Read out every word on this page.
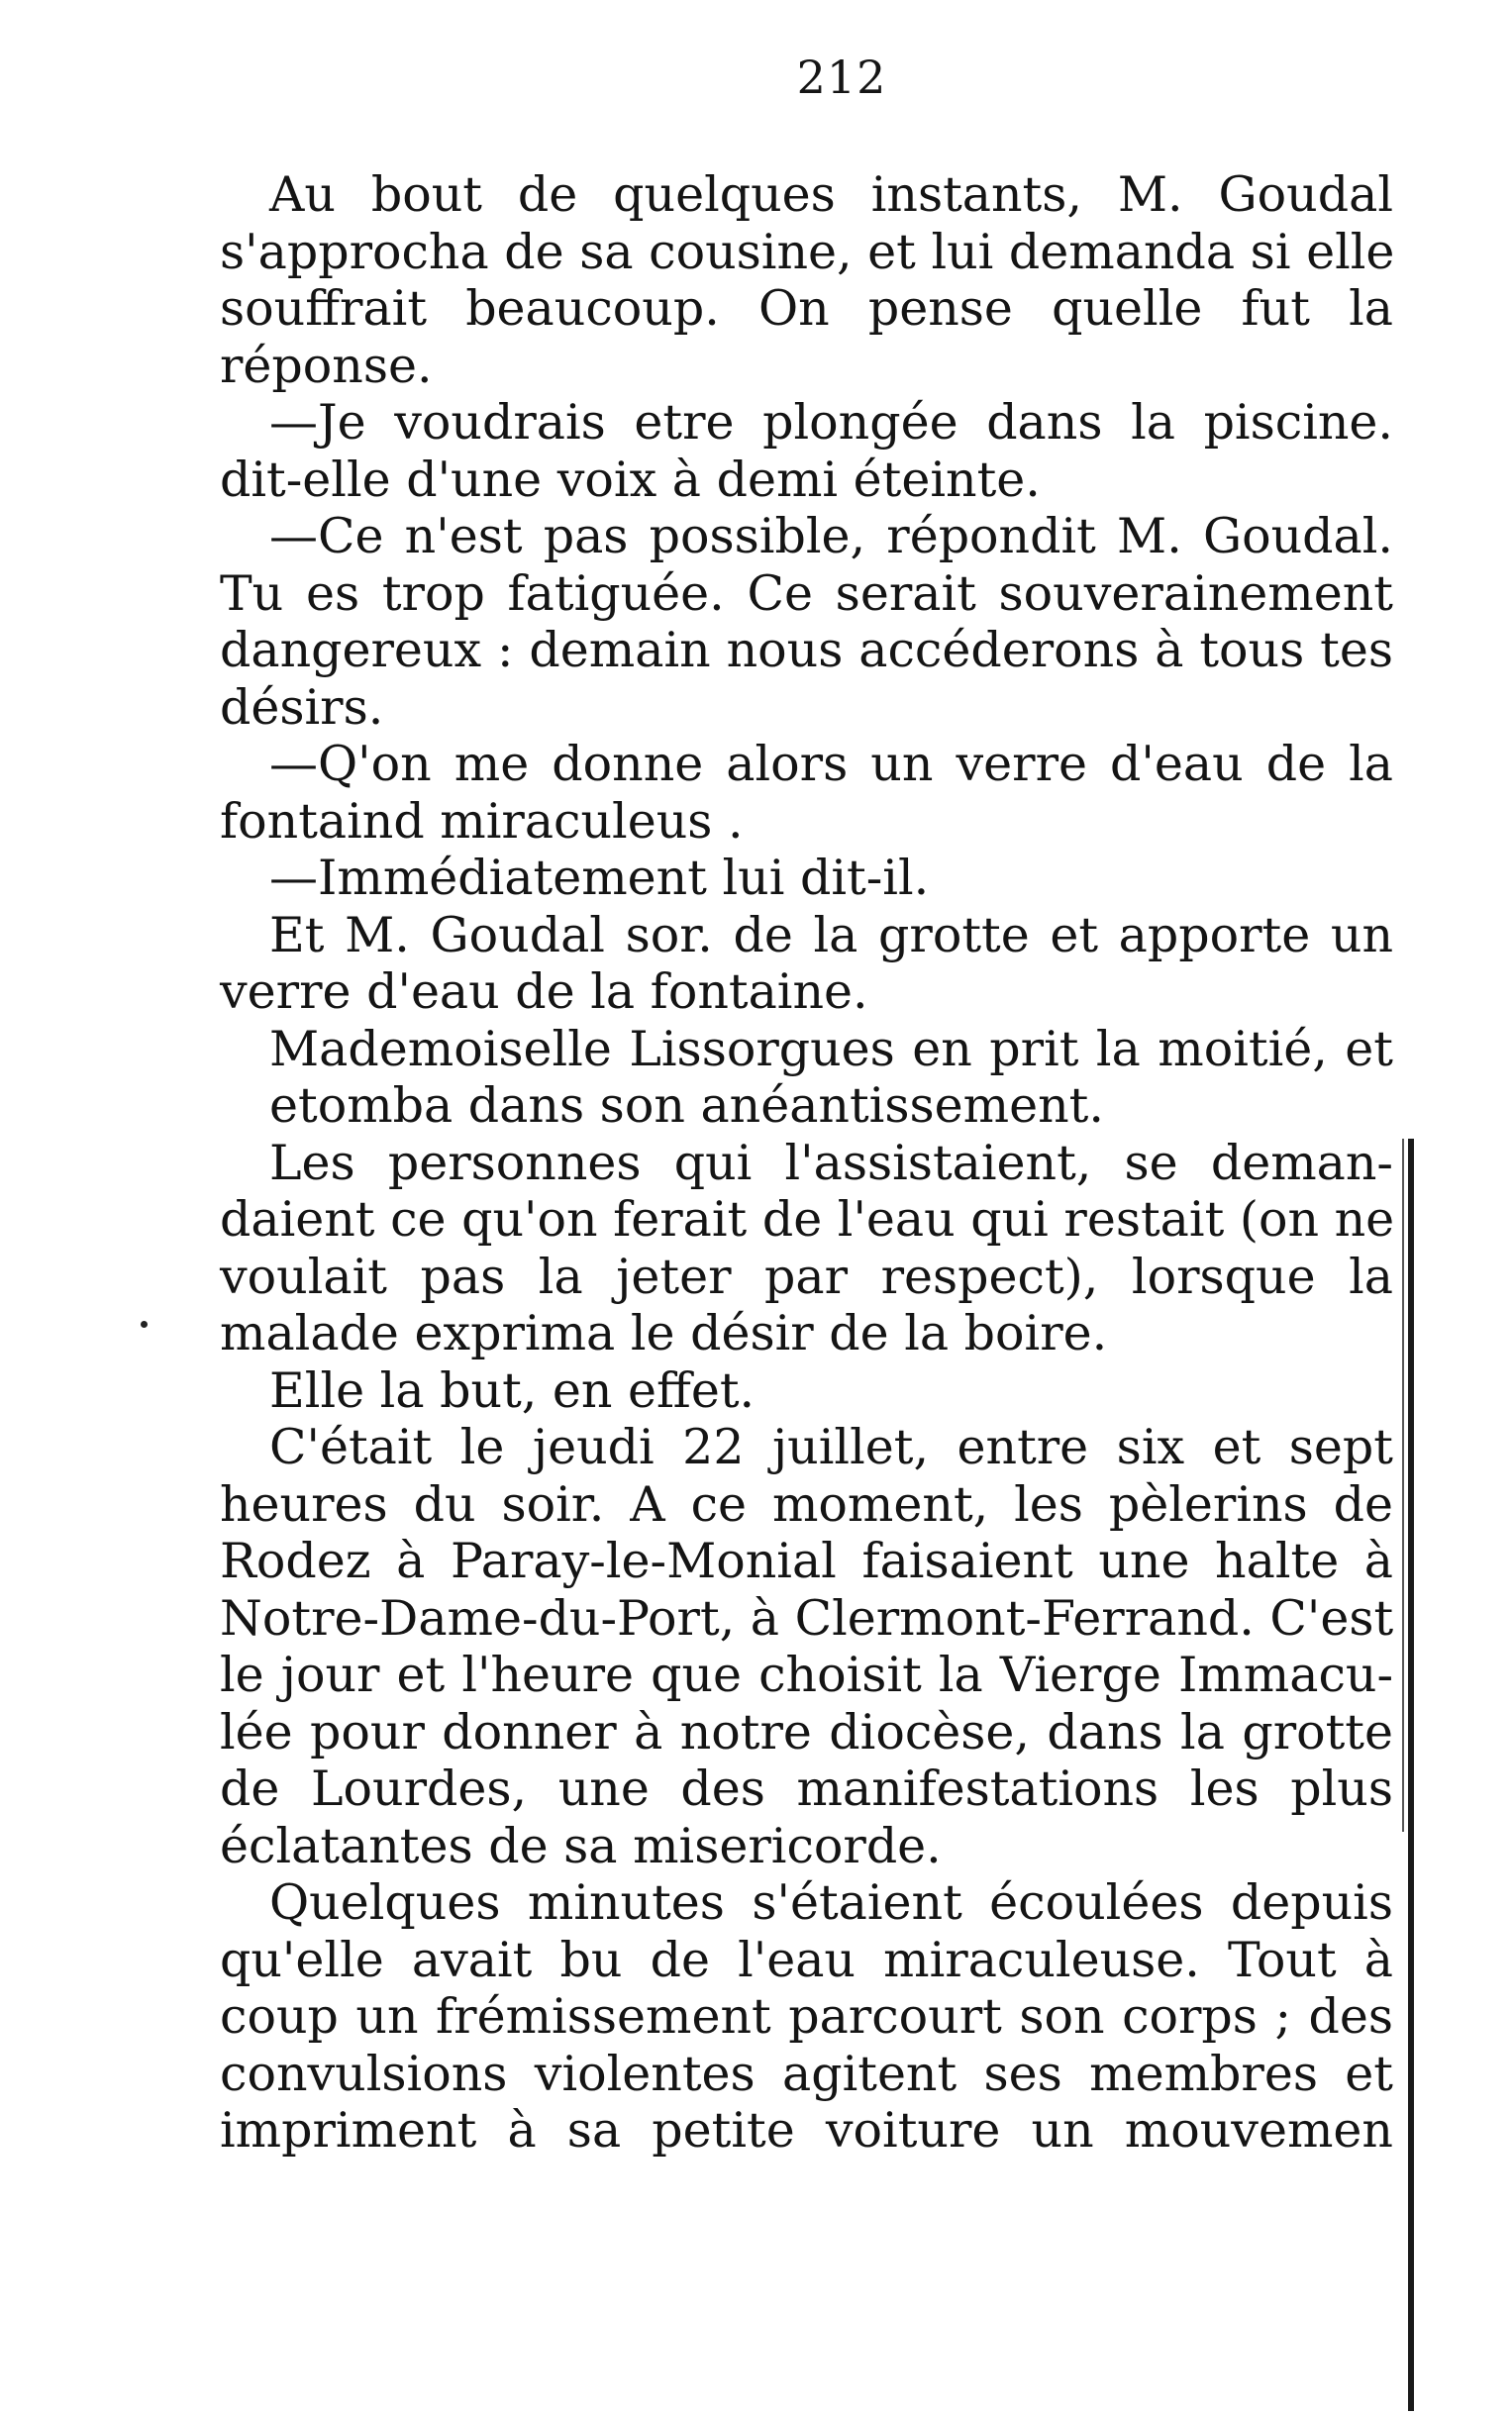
212
Au bout de quelques instants, M. Goudal
s'approcha de sa cousine, et lui demanda si elle
souffrait beaucoup. On pense quelle fut la
réponse.
—Je voudrais etre plongée dans la piscine.
dit-elle d'une voix à demi éteinte.
—Ce n'est pas possible, répondit M. Goudal.
Tu es trop fatiguée. Ce serait souverainement
dangereux : demain nous accéderons à tous tes
désirs.
—Q'on me donne alors un verre d'eau de la
fontaind miraculeus .
—Immédiatement lui dit-il.
Et M. Goudal sor. de la grotte et apporte un
verre d'eau de la fontaine.
Mademoiselle Lissorgues en prit la moitié, et
etomba dans son anéantissement.
Les personnes qui l'assistaient, se deman-
daient ce qu'on ferait de l'eau qui restait (on ne
voulait pas la jeter par respect), lorsque la
malade exprima le désir de la boire.
Elle la but, en effet.
C'était le jeudi 22 juillet, entre six et sept
heures du soir. A ce moment, les pèlerins de
Rodez à Paray-le-Monial faisaient une halte à
Notre-Dame-du-Port, à Clermont-Ferrand. C'est
le jour et l'heure que choisit la Vierge Immacu-
lée pour donner à notre diocèse, dans la grotte
de Lourdes, une des manifestations les plus
éclatantes de sa misericorde.
Quelques minutes s'étaient écoulées depuis
qu'elle avait bu de l'eau miraculeuse. Tout à
coup un frémissement parcourt son corps ; des
convulsions violentes agitent ses membres et
impriment à sa petite voiture un mouvemen
